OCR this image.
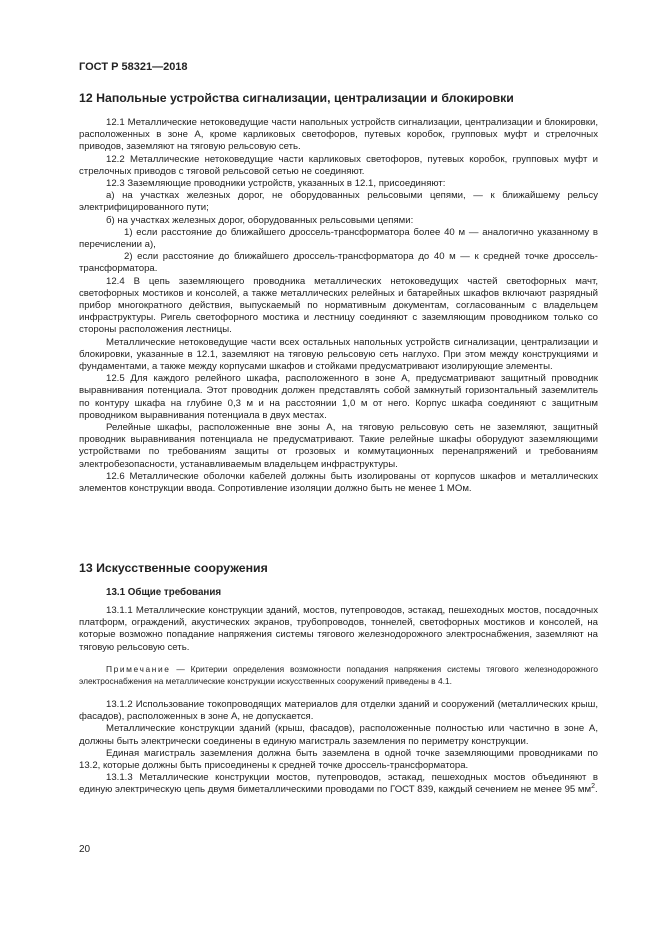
ГОСТ Р 58321—2018

12 Напольные устройства сигнализации, централизации и блокировки

12.1 Металлические нетоковедущие части напольных устройств сигнализации, централизации и блокировки, расположенных в зоне А, кроме карликовых светофоров, путевых коробок, групповых муфт и стрелочных приводов, заземляют на тяговую рельсовую сеть.

12.2 Металлические нетоковедущие части карликовых светофоров, путевых коробок, групповых муфт и стрелочных приводов с тяговой рельсовой сетью не соединяют.

12.3 Заземляющие проводники устройств, указанных в 12.1, присоединяют:

а) на участках железных дорог, не оборудованных рельсовыми цепями, — к ближайшему рельсу электрифицированного пути;

б) на участках железных дорог, оборудованных рельсовыми цепями:

1) если расстояние до ближайшего дроссель-трансформатора более 40 м — аналогично указанному в перечислении а),

2) если расстояние до ближайшего дроссель-трансформатора до 40 м — к средней точке дроссель-трансформатора.

12.4 В цепь заземляющего проводника металлических нетоковедущих частей светофорных мачт, светофорных мостиков и консолей, а также металлических релейных и батарейных шкафов включают разрядный прибор многократного действия, выпускаемый по нормативным документам, согласованным с владельцем инфраструктуры. Ригель светофорного мостика и лестницу соединяют с заземляющим проводником только со стороны расположения лестницы.

Металлические нетоковедущие части всех остальных напольных устройств сигнализации, централизации и блокировки, указанные в 12.1, заземляют на тяговую рельсовую сеть наглухо. При этом между конструкциями и фундаментами, а также между корпусами шкафов и стойками предусматривают изолирующие элементы.

12.5 Для каждого релейного шкафа, расположенного в зоне А, предусматривают защитный проводник выравнивания потенциала. Этот проводник должен представлять собой замкнутый горизонтальный заземлитель по контуру шкафа на глубине 0,3 м и на расстоянии 1,0 м от него. Корпус шкафа соединяют с защитным проводником выравнивания потенциала в двух местах.

Релейные шкафы, расположенные вне зоны А, на тяговую рельсовую сеть не заземляют, защитный проводник выравнивания потенциала не предусматривают. Такие релейные шкафы оборудуют заземляющими устройствами по требованиям защиты от грозовых и коммутационных перенапряжений и требованиям электробезопасности, устанавливаемым владельцем инфраструктуры.

12.6 Металлические оболочки кабелей должны быть изолированы от корпусов шкафов и металлических элементов конструкции ввода. Сопротивление изоляции должно быть не менее 1 МОм.

13 Искусственные сооружения
13.1 Общие требования

13.1.1 Металлические конструкции зданий, мостов, путепроводов, эстакад, пешеходных мостов, посадочных платформ, ограждений, акустических экранов, трубопроводов, тоннелей, светофорных мостиков и консолей, на которые возможно попадание напряжения системы тягового железнодорожного электроснабжения, заземляют на тяговую рельсовую сеть.

Примечание — Критерии определения возможности попадания напряжения системы тягового железнодорожного электроснабжения на металлические конструкции искусственных сооружений приведены в 4.1.

13.1.2 Использование токопроводящих материалов для отделки зданий и сооружений (металлических крыш, фасадов), расположенных в зоне А, не допускается.

Металлические конструкции зданий (крыш, фасадов), расположенные полностью или частично в зоне А, должны быть электрически соединены в единую магистраль заземления по периметру конструкции.

Единая магистраль заземления должна быть заземлена в одной точке заземляющими проводниками по 13.2, которые должны быть присоединены к средней точке дроссель-трансформатора.

13.1.3 Металлические конструкции мостов, путепроводов, эстакад, пешеходных мостов объединяют в единую электрическую цепь двумя биметаллическими проводами по ГОСТ 839, каждый сечением не менее 95 $мм^2$.

20
